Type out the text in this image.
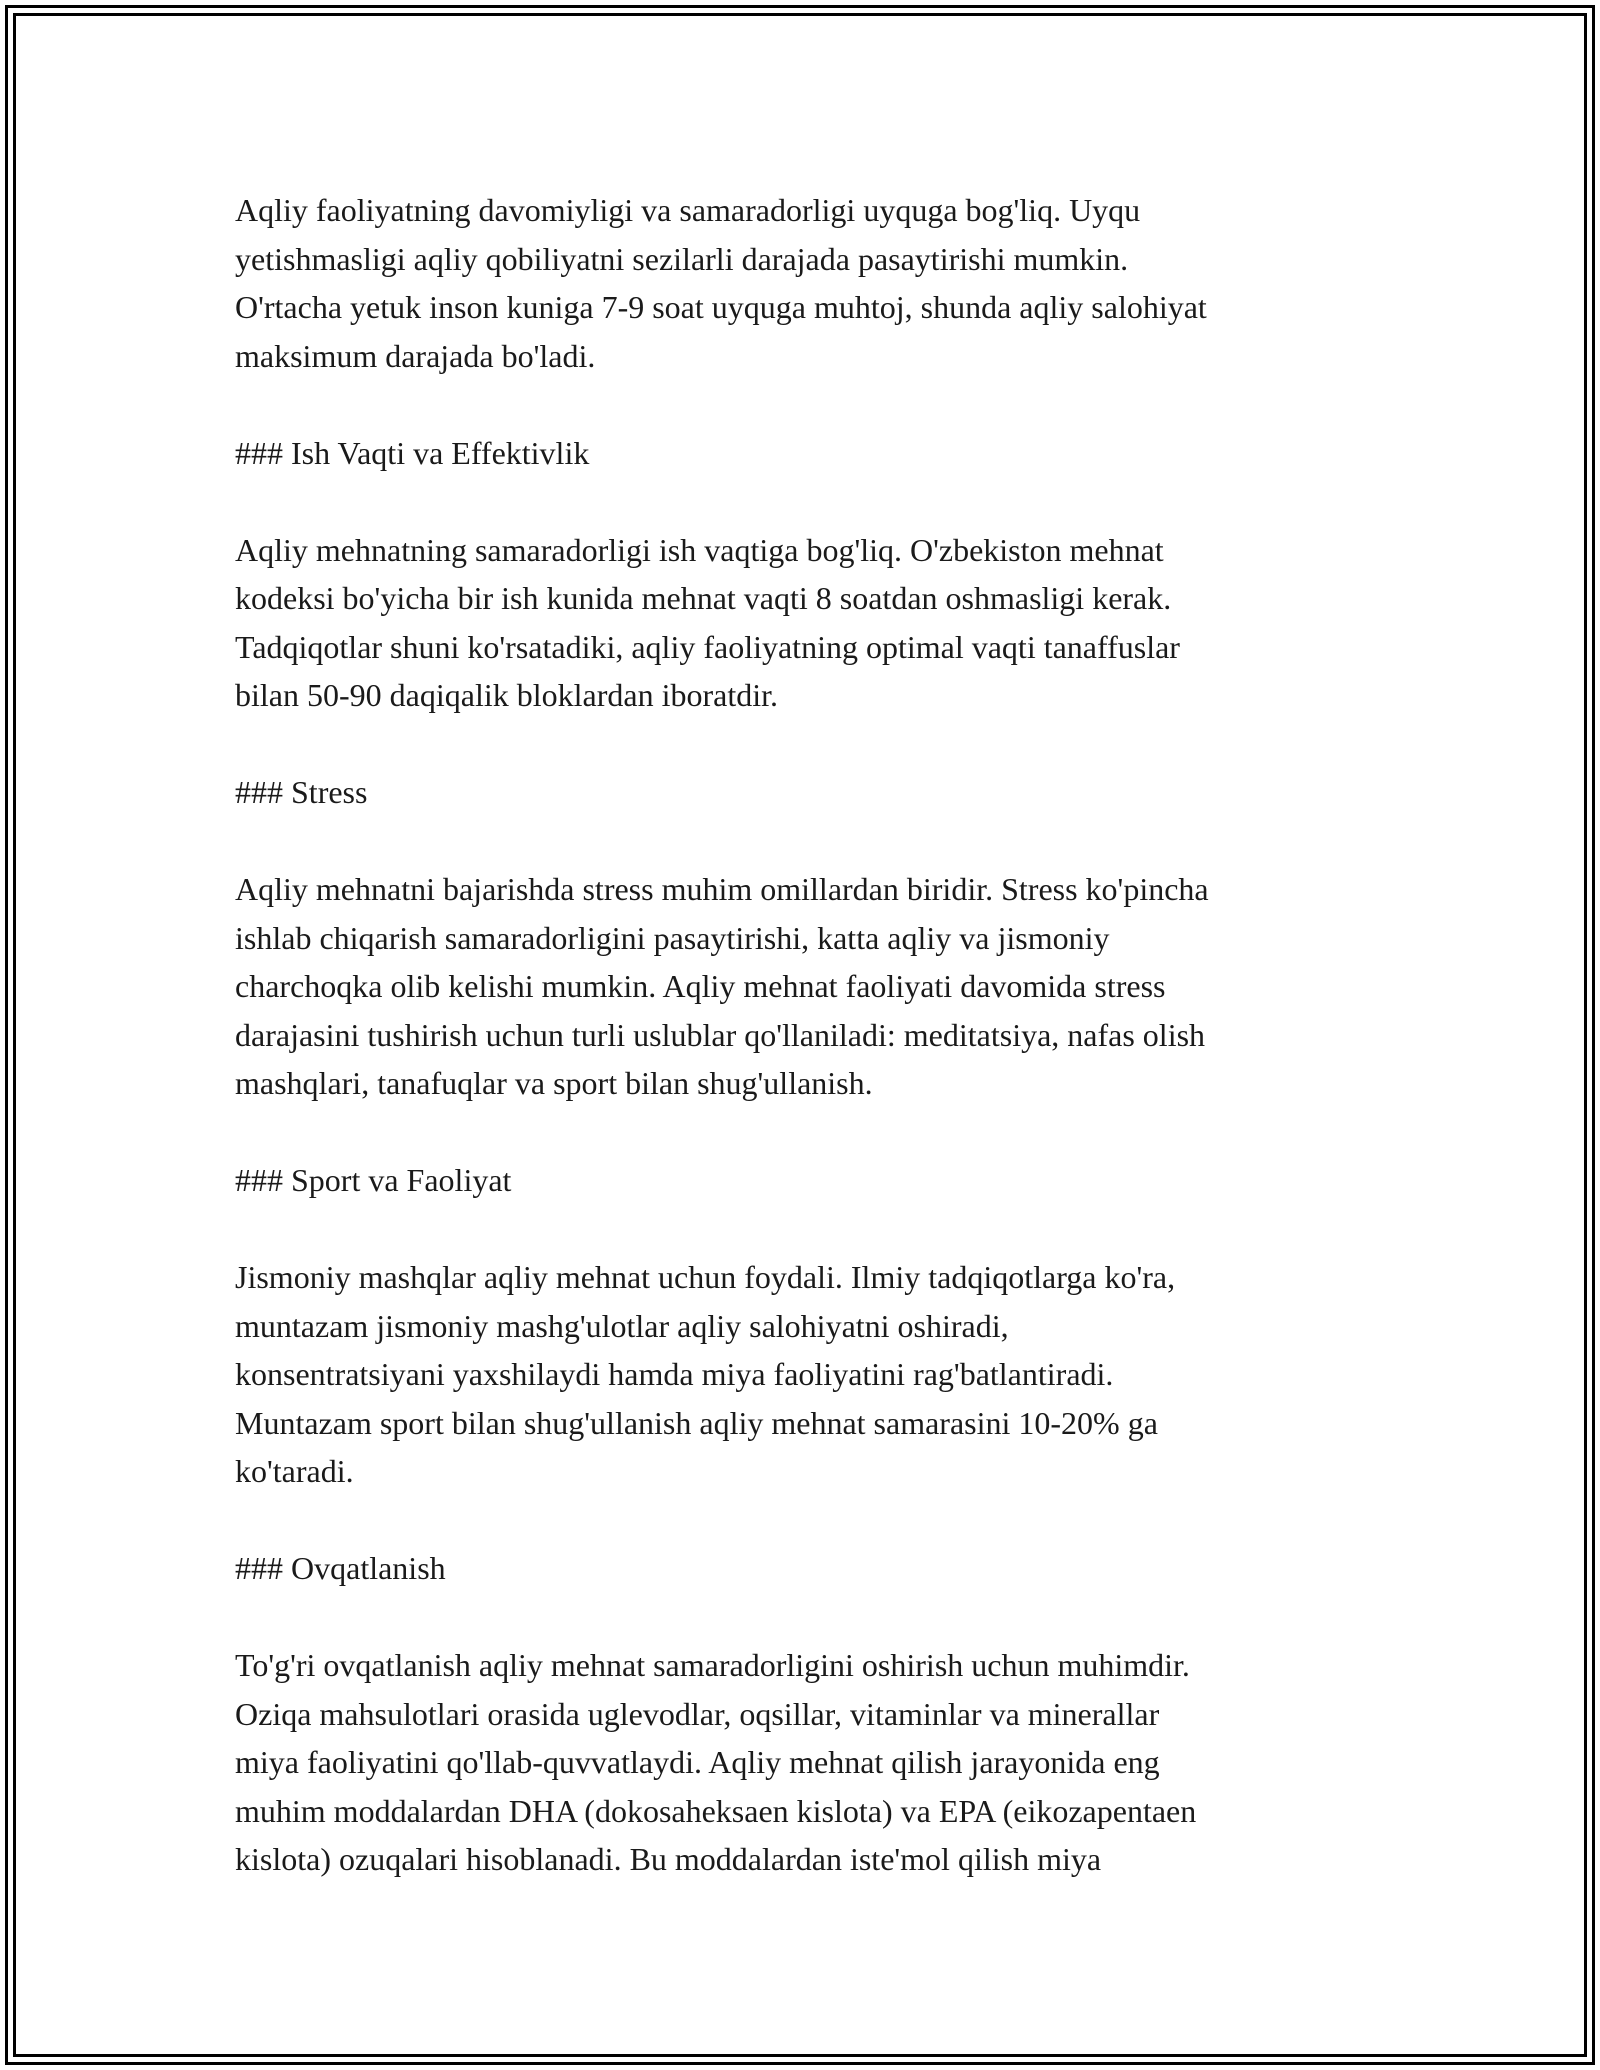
Aqliy faoliyatning davomiyligi va samaradorligi uyquga bog'liq. Uyqu
yetishmasligi aqliy qobiliyatni sezilarli darajada pasaytirishi mumkin.
O'rtacha yetuk inson kuniga 7-9 soat uyquga muhtoj, shunda aqliy salohiyat
maksimum darajada bo'ladi.

### Ish Vaqti va Effektivlik

Aqliy mehnatning samaradorligi ish vaqtiga bog'liq. O'zbekiston mehnat
kodeksi bo'yicha bir ish kunida mehnat vaqti 8 soatdan oshmasligi kerak.
Tadqiqotlar shuni ko'rsatadiki, aqliy faoliyatning optimal vaqti tanaffuslar
bilan 50-90 daqiqalik bloklardan iboratdir.

### Stress

Aqliy mehnatni bajarishda stress muhim omillardan biridir. Stress ko'pincha
ishlab chiqarish samaradorligini pasaytirishi, katta aqliy va jismoniy
charchoqka olib kelishi mumkin. Aqliy mehnat faoliyati davomida stress
darajasini tushirish uchun turli uslublar qo'llaniladi: meditatsiya, nafas olish
mashqlari, tanafuqlar va sport bilan shug'ullanish.

### Sport va Faoliyat

Jismoniy mashqlar aqliy mehnat uchun foydali. Ilmiy tadqiqotlarga ko'ra,
muntazam jismoniy mashg'ulotlar aqliy salohiyatni oshiradi,
konsentratsiyani yaxshilaydi hamda miya faoliyatini rag'batlantiradi.
Muntazam sport bilan shug'ullanish aqliy mehnat samarasini 10-20% ga
ko'taradi.

### Ovqatlanish

To'g'ri ovqatlanish aqliy mehnat samaradorligini oshirish uchun muhimdir.
Oziqa mahsulotlari orasida uglevodlar, oqsillar, vitaminlar va minerallar
miya faoliyatini qo'llab-quvvatlaydi. Aqliy mehnat qilish jarayonida eng
muhim moddalardan DHA (dokosaheksaen kislota) va EPA (eikozapentaen
kislota) ozuqalari hisoblanadi. Bu moddalardan iste'mol qilish miya
